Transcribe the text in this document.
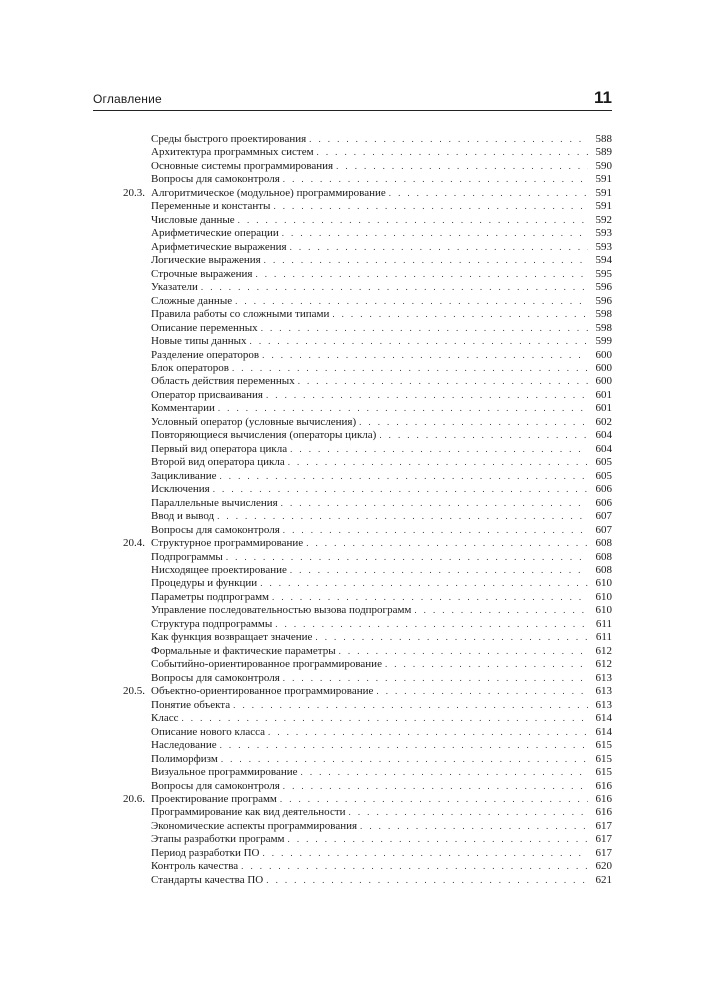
Оглавление	11
Среды быстрого проектирования . . .	588
Архитектура программных систем . . .	589
Основные системы программирования . . .	590
Вопросы для самоконтроля . . .	591
20.3. Алгоритмическое (модульное) программирование . . .	591
Переменные и константы . . .	591
Числовые данные . . .	592
Арифметические операции . . .	593
Арифметические выражения . . .	593
Логические выражения . . .	594
Строчные выражения . . .	595
Указатели . . .	596
Сложные данные . . .	596
Правила работы со сложными типами . . .	598
Описание переменных . . .	598
Новые типы данных . . .	599
Разделение операторов . . .	600
Блок операторов . . .	600
Область действия переменных . . .	600
Оператор присваивания . . .	601
Комментарии . . .	601
Условный оператор (условные вычисления) . . .	602
Повторяющиеся вычисления (операторы цикла) . . .	604
Первый вид оператора цикла . . .	604
Второй вид оператора цикла . . .	605
Зацикливание . . .	605
Исключения . . .	606
Параллельные вычисления . . .	606
Ввод и вывод . . .	607
Вопросы для самоконтроля . . .	607
20.4. Структурное программирование . . .	608
Подпрограммы . . .	608
Нисходящее проектирование . . .	608
Процедуры и функции . . .	610
Параметры подпрограмм . . .	610
Управление последовательностью вызова подпрограмм . . .	610
Структура подпрограммы . . .	611
Как функция возвращает значение . . .	611
Формальные и фактические параметры . . .	612
Событийно-ориентированное программирование . . .	612
Вопросы для самоконтроля . . .	613
20.5. Объектно-ориентированное программирование . . .	613
Понятие объекта . . .	613
Класс . . .	614
Описание нового класса . . .	614
Наследование . . .	615
Полиморфизм . . .	615
Визуальное программирование . . .	615
Вопросы для самоконтроля . . .	616
20.6. Проектирование программ . . .	616
Программирование как вид деятельности . . .	616
Экономические аспекты программирования . . .	617
Этапы разработки программ . . .	617
Период разработки ПО . . .	617
Контроль качества . . .	620
Стандарты качества ПО . . .	621
